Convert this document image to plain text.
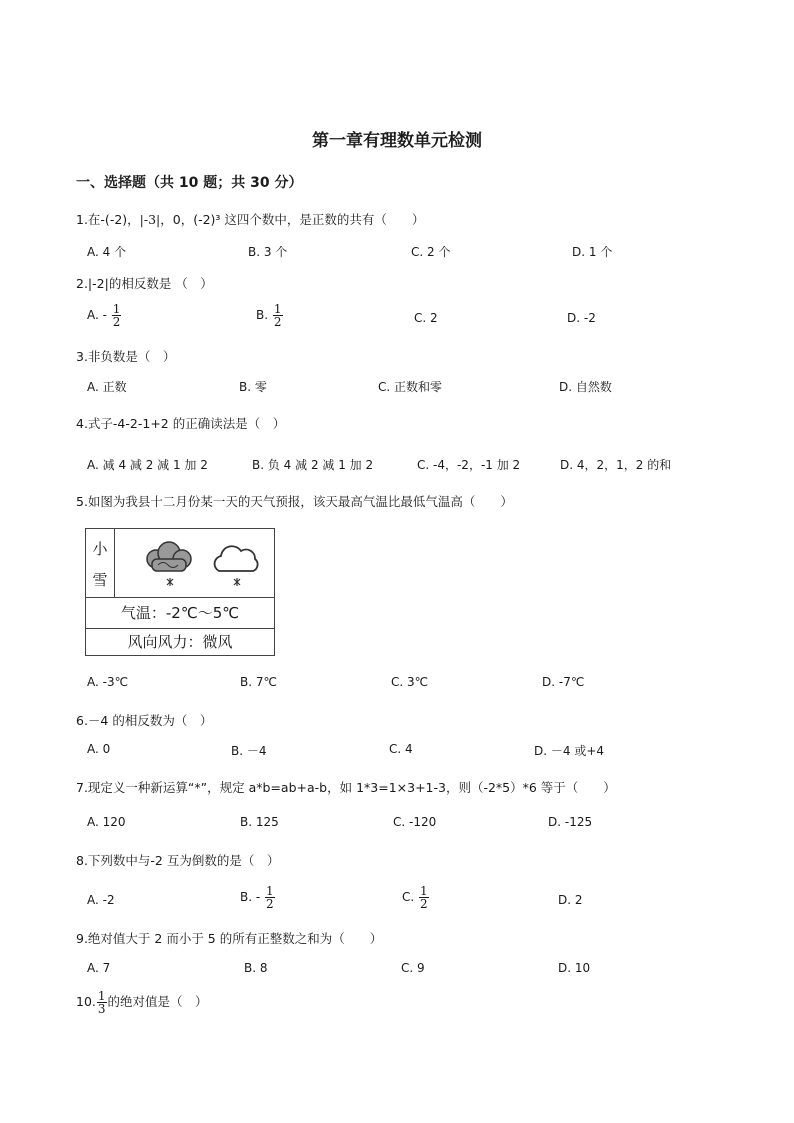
第一章有理数单元检测
一、选择题（共 10 题；共 30 分）
1.在-(-2)，|-3|，0，(-2)³ 这四个数中，是正数的共有（　　）
A. 4 个	B. 3 个	C. 2 个	D. 1 个
2.|-2|的相反数是 （　）
A. - $\frac{1}{2}$	B. $\frac{1}{2}$	C. 2	D. -2
3.非负数是（　）
A. 正数	B. 零	C. 正数和零	D. 自然数
4.式子-4-2-1+2 的正确读法是（　）
A. 减 4 减 2 减 1 加 2	B. 负 4 减 2 减 1 加 2	C. -4，-2，-1 加 2	D. 4，2，1，2 的和
5.如图为我县十二月份某一天的天气预报，该天最高气温比最低气温高（　　）
小
雪
气温：-2℃～5℃
风向风力：微风
A. -3℃	B. 7℃	C. 3℃	D. -7℃
6.－4 的相反数为（　）
A. 0	B. －4	C. 4	D. －4 或+4
7.现定义一种新运算“*”，规定 a*b=ab+a-b，如 1*3=1×3+1-3，则（-2*5）*6 等于（　　）
A. 120	B. 125	C. -120	D. -125
8.下列数中与-2 互为倒数的是（　）
A. -2	B. - $\frac{1}{2}$	C. $\frac{1}{2}$	D. 2
9.绝对值大于 2 而小于 5 的所有正整数之和为（　　）
A. 7	B. 8	C. 9	D. 10
10. $\frac{1}{3}$ 的绝对值是（　）
